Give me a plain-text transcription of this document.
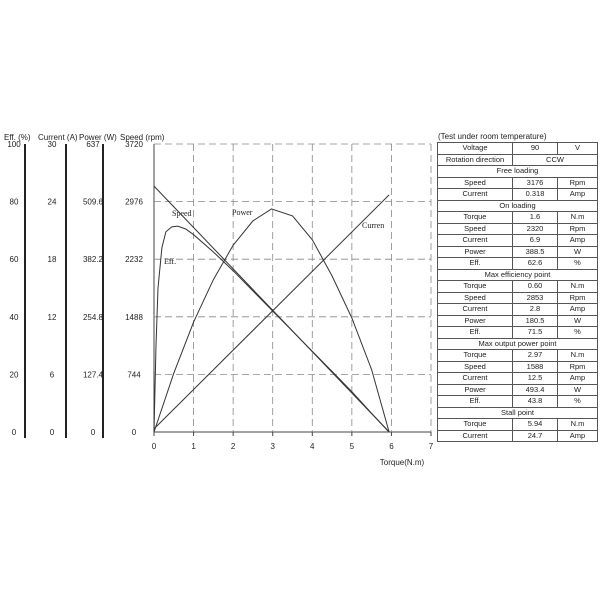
0	1	2	3	4	5	6	7
Torque(N.m)
Eff. (%)
100
80
60
40
20
0
Current (A)
30
24
18
12
6
0
Power (W)
637
509.6
382.2
254.8
127.4
0
Speed (rpm)
3720
2976
2232
1488
744
0
Speed	Power
Curren
Eff.
(Test under room temperature)
Voltage	90	V
Rotation direction	CCW	
Free loading		
Speed	3176	Rpm
Current	0.318	Amp
On loading		
Torque	1.6	N.m
Speed	2320	Rpm
Current	6.9	Amp
Power	388.5	W
Eff.	62.6	%
Max efficiency point		
Torque	0.60	N.m
Speed	2853	Rpm
Current	2.8	Amp
Power	180.5	W
Eff.	71.5	%
Max output power point		
Torque	2.97	N.m
Speed	1588	Rpm
Current	12.5	Amp
Power	493.4	W
Eff.	43.8	%
Stall point		
Torque	5.94	N.m
Current	24.7	Amp
